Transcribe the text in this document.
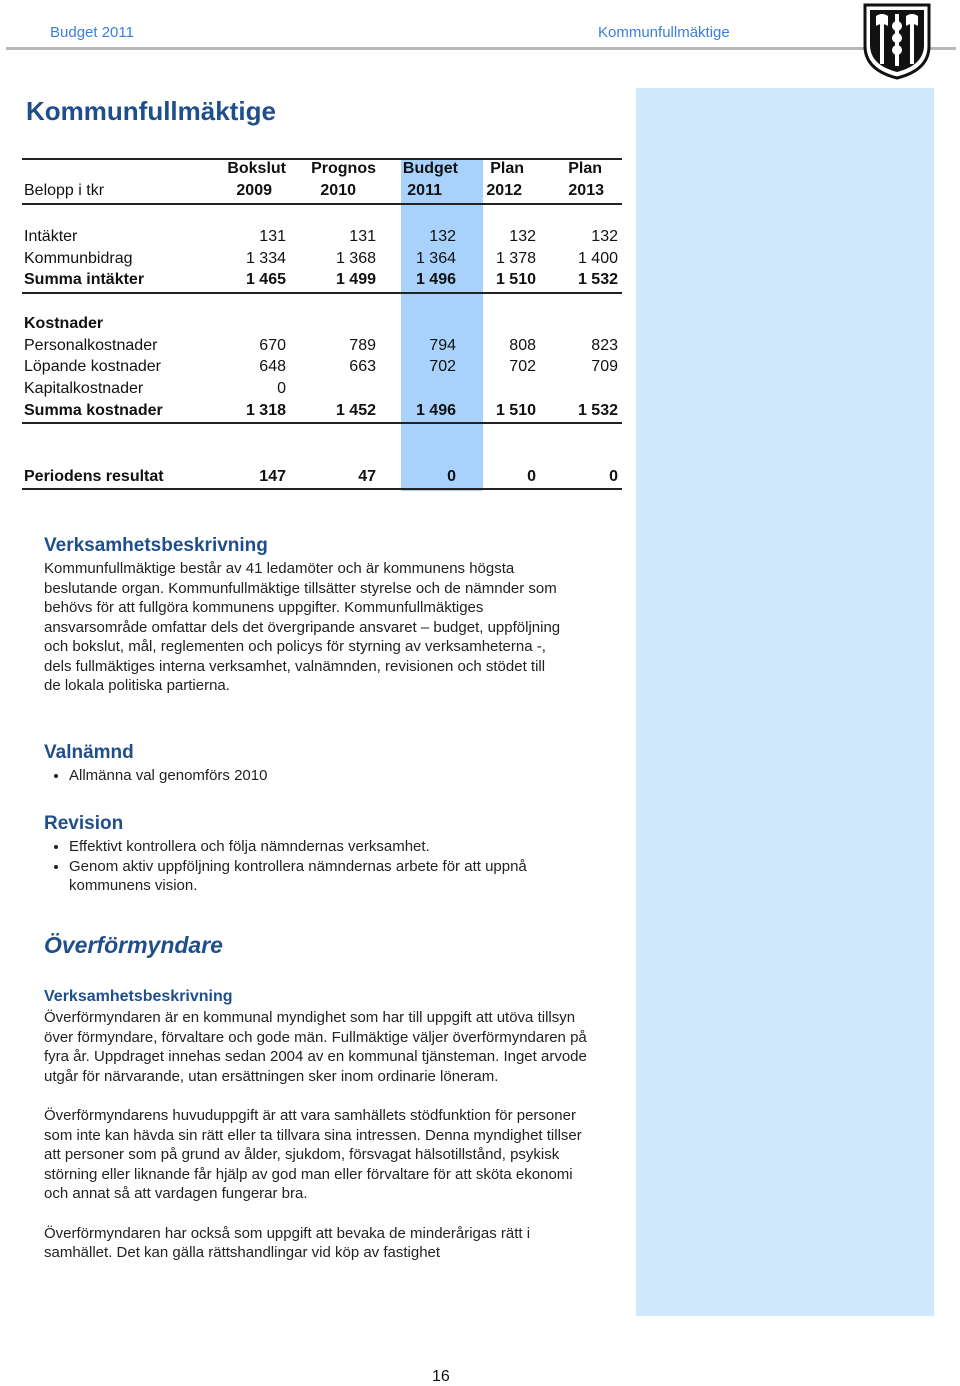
Budget 2011	Kommunfullmäktige
Kommunfullmäktige
Bokslut	Prognos	Budget	Plan	Plan
Belopp i tkr	2009	2010	2011	2012	2013
Intäkter	131	131	132	132	132
Kommunbidrag	1 334	1 368	1 364	1 378	1 400
Summa intäkter	1 465	1 499	1 496	1 510	1 532
Kostnader
Personalkostnader	670	789	794	808	823
Löpande kostnader	648	663	702	702	709
Kapitalkostnader	0
Summa kostnader	1 318	1 452	1 496	1 510	1 532
Periodens resultat	147	47	0	0	0
Verksamhetsbeskrivning

Kommunfullmäktige består av 41 ledamöter och är kommunens högsta beslutande organ. Kommunfullmäktige tillsätter styrelse och de nämnder som behövs för att fullgöra kommunens uppgifter. Kommunfullmäktiges ansvarsområde omfattar dels det övergripande ansvaret – budget, uppföljning och bokslut, mål, reglementen och policys för styrning av verksamheterna -, dels fullmäktiges interna verksamhet, valnämnden, revisionen och stödet till de lokala politiska partierna.

Valnämnd
• Allmänna val genomförs 2010
Revision
• Effektivt kontrollera och följa nämndernas verksamhet.
• Genom aktiv uppföljning kontrollera nämndernas arbete för att uppnå kommunens vision.
Överförmyndare
Verksamhetsbeskrivning

Överförmyndaren är en kommunal myndighet som har till uppgift att utöva tillsyn över förmyndare, förvaltare och gode män. Fullmäktige väljer överförmyndaren på fyra år. Uppdraget innehas sedan 2004 av en kommunal tjänsteman. Inget arvode utgår för närvarande, utan ersättningen sker inom ordinarie löneram.

Överförmyndarens huvuduppgift är att vara samhällets stödfunktion för personer som inte kan hävda sin rätt eller ta tillvara sina intressen. Denna myndighet tillser att personer som på grund av ålder, sjukdom, försvagat hälsotillstånd, psykisk störning eller liknande får hjälp av god man eller förvaltare för att sköta ekonomi och annat så att vardagen fungerar bra.

Överförmyndaren har också som uppgift att bevaka de minderårigas rätt i samhället. Det kan gälla rättshandlingar vid köp av fastighet

16
